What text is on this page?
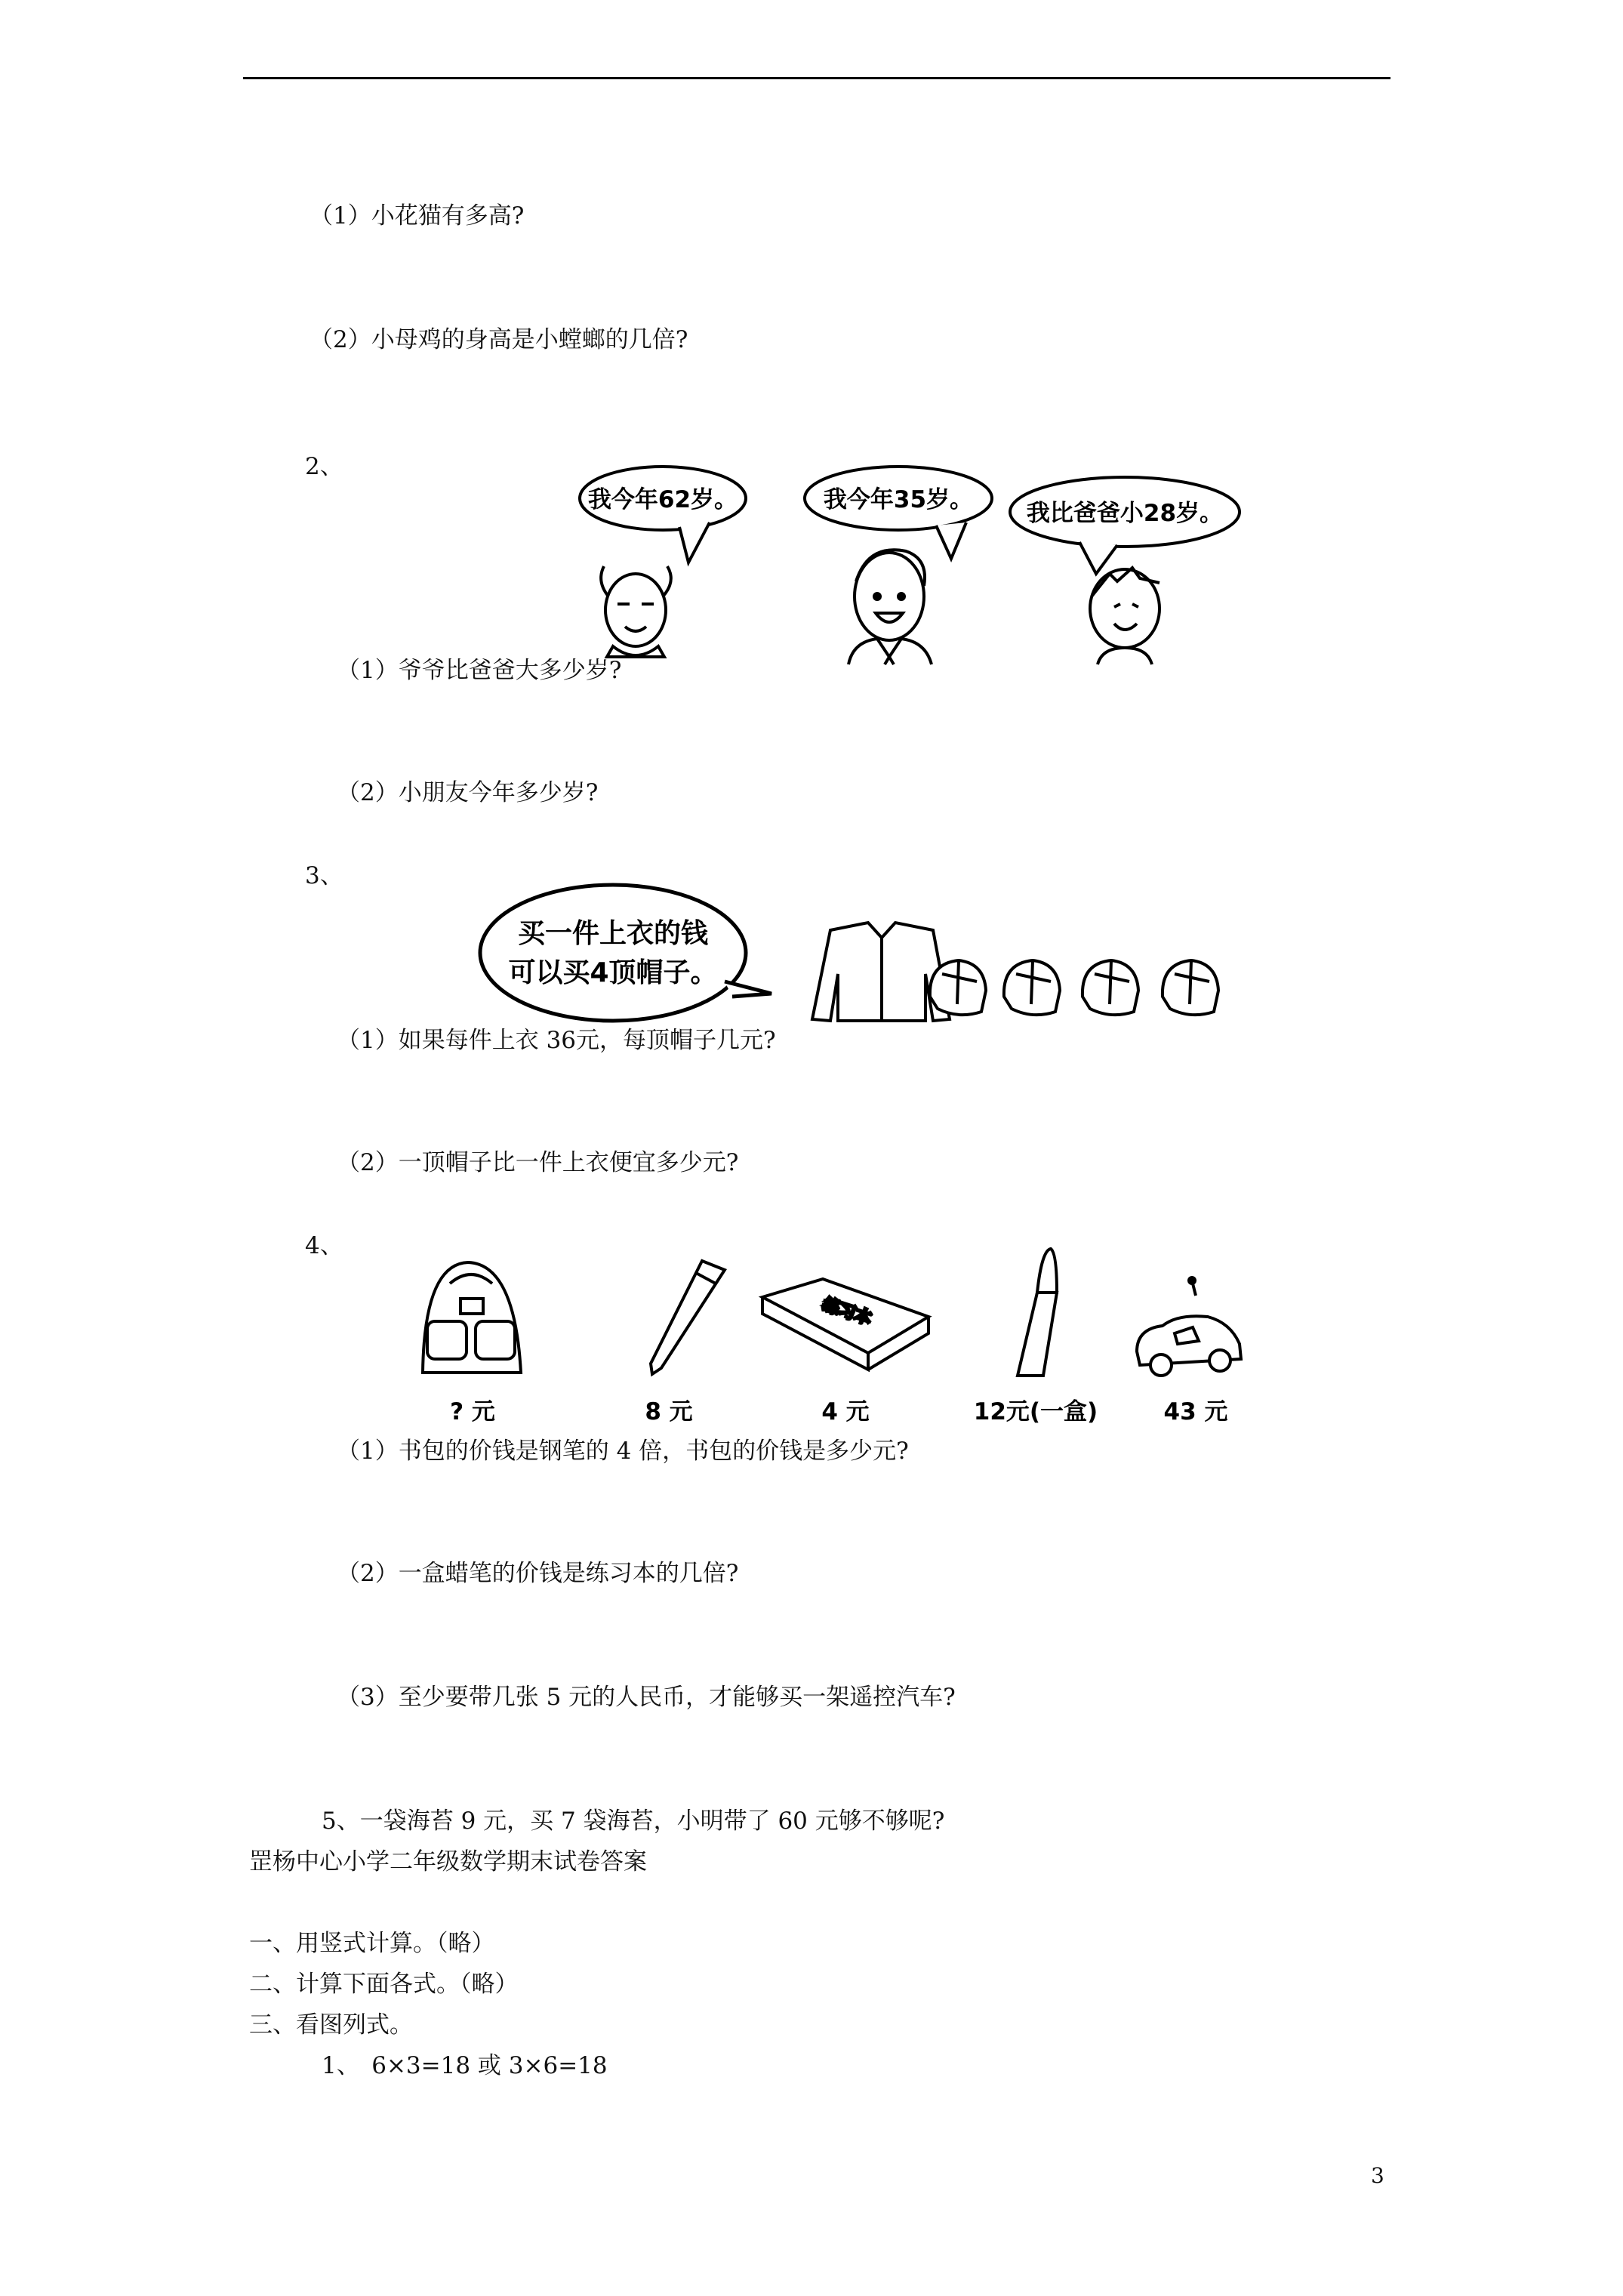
（1）小花猫有多高?
（2）小母鸡的身高是小螳螂的几倍?
2、
我今年62岁。	我今年35岁。 我比爸爸小28岁。
（1）爷爷比爸爸大多少岁?
（2）小朋友今年多少岁?
3、
买一件上衣的钱
可以买4顶帽子。
（1）如果每件上衣 36元，每顶帽子几元?
（2）一顶帽子比一件上衣便宜多少元?
4、
练习本
? 元	8 元	4 元	12元(一盒)	43 元
（1）书包的价钱是钢笔的 4 倍，书包的价钱是多少元?
（2）一盒蜡笔的价钱是练习本的几倍?
（3）至少要带几张 5 元的人民币，才能够买一架遥控汽车?
5、一袋海苔 9 元，买 7 袋海苔，小明带了 60 元够不够呢?
罡杨中心小学二年级数学期末试卷答案
一、用竖式计算。（略）
二、计算下面各式。（略）
三、看图列式。
1、　6×3=18 或 3×6=18
3
